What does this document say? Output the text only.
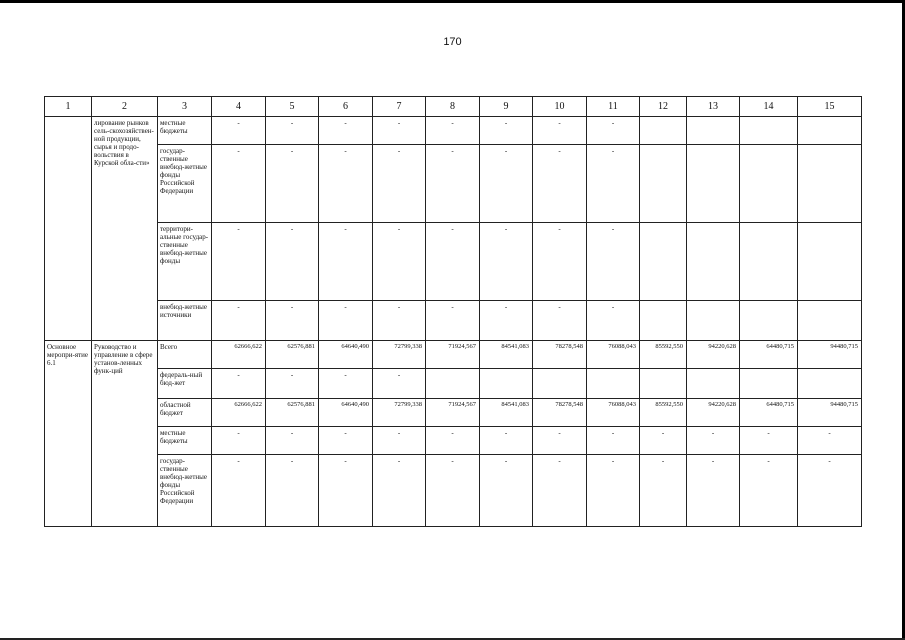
170
1	2	3	4	5	6	7	8	9	10	11	12	13	14	15
	лирование рынков сель-скохозяйствен-ной продукции, сырья и продо-вольствия в Курской обла-сти»	местные бюджеты	-	-	-	-	-	-	-	-				
		государ-ственные внебюд-жетные фонды Российской Федерации	-	-	-	-	-	-	-	-				
		территори-альные государ-ственные внебюд-жетные фонды	-	-	-	-	-	-	-	-				
		внебюд-жетные источники	-	-	-	-	-	-	-	-				
Основное меропри-ятие 6.1	Руководство и управление в сфере установ-ленных функ-ций	Всего	62666,622	62576,881	64640,490	72799,338	71924,567	84541,083	78278,548	76088,043	85592,550	94220,628	64480,715	94480,715
		федераль-ный бюд-жет	-	-	-	-								
		областной бюджет	62666,622	62576,881	64640,490	72799,338	71924,567	84541,083	78278,548	76088,043	85592,550	94220,628	64480,715	94480,715
		местные бюджеты	-	-	-	-	-	-	-	-	-	-	-	-
		государ-ственные внебюд-жетные фонды Российской Федерации	-	-	-	-	-	-	-	-	-	-	-	-
